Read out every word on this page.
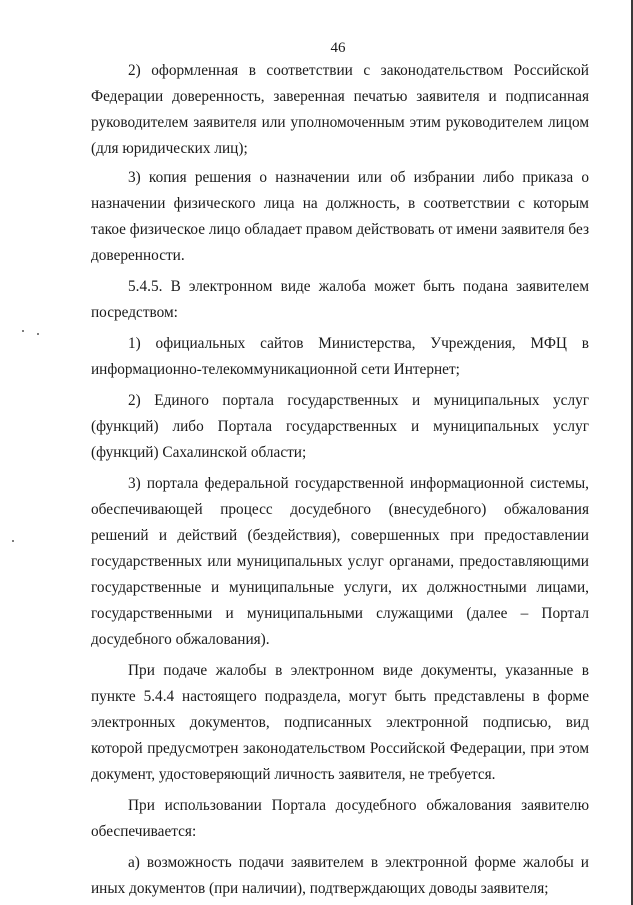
46

2) оформленная в соответствии с законодательством Российской Федерации доверенность, заверенная печатью заявителя и подписанная руководителем заявителя или уполномоченным этим руководителем лицом (для юридических лиц);

3) копия решения о назначении или об избрании либо приказа о назначении физического лица на должность, в соответствии с которым такое физическое лицо обладает правом действовать от имени заявителя без доверенности.

5.4.5. В электронном виде жалоба может быть подана заявителем посредством:

1) официальных сайтов Министерства, Учреждения, МФЦ в информационно-телекоммуникационной сети Интернет;

2) Единого портала государственных и муниципальных услуг (функций) либо Портала государственных и муниципальных услуг (функций) Сахалинской области;

3) портала федеральной государственной информационной системы, обеспечивающей процесс досудебного (внесудебного) обжалования решений и действий (бездействия), совершенных при предоставлении государственных или муниципальных услуг органами, предоставляющими государственные и муниципальные услуги, их должностными лицами, государственными и муниципальными служащими (далее – Портал досудебного обжалования).

При подаче жалобы в электронном виде документы, указанные в пункте 5.4.4 настоящего подраздела, могут быть представлены в форме электронных документов, подписанных электронной подписью, вид которой предусмотрен законодательством Российской Федерации, при этом документ, удостоверяющий личность заявителя, не требуется.

При использовании Портала досудебного обжалования заявителю обеспечивается:

а) возможность подачи заявителем в электронной форме жалобы и иных документов (при наличии), подтверждающих доводы заявителя;
